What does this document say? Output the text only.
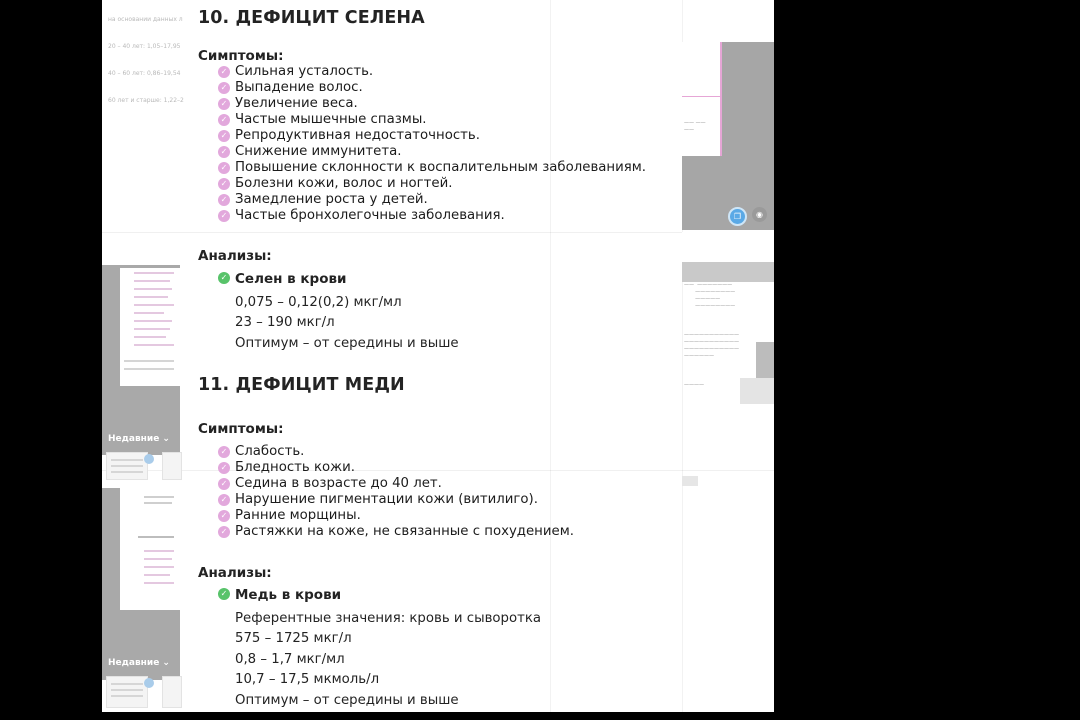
на основании данных л

20 – 40 лет: 1,05–17,95

40 – 60 лет: 0,86–19,54

60 лет и старше: 1,22–2

Недавние ⌄
Недавние ⌄
—— ——
——
❐	◉
——  ———————
————————
—————
————————
———————————
———————————
———————————
——————
————
10. ДЕФИЦИТ СЕЛЕНА
Симптомы:
✓ Сильная усталость.
✓ Выпадение волос.
✓ Увеличение веса.
✓ Частые мышечные спазмы.
✓ Репродуктивная недостаточность.
✓ Снижение иммунитета.
✓ Повышение склонности к воспалительным заболеваниям.
✓ Болезни кожи, волос и ногтей.
✓ Замедление роста у детей.
✓ Частые бронхолегочные заболевания.
Анализы:
✓ Селен в крови
0,075 – 0,12(0,2) мкг/мл
23 – 190 мкг/л
Оптимум – от середины и выше
11. ДЕФИЦИТ МЕДИ
Симптомы:
✓ Слабость.
✓ Бледность кожи.
✓ Седина в возрасте до 40 лет.
✓ Нарушение пигментации кожи (витилиго).
✓ Ранние морщины.
✓ Растяжки на коже, не связанные с похудением.
Анализы:
✓ Медь в крови
Референтные значения: кровь и сыворотка
575 – 1725 мкг/л
0,8 – 1,7 мкг/мл
10,7 – 17,5 мкмоль/л
Оптимум – от середины и выше
